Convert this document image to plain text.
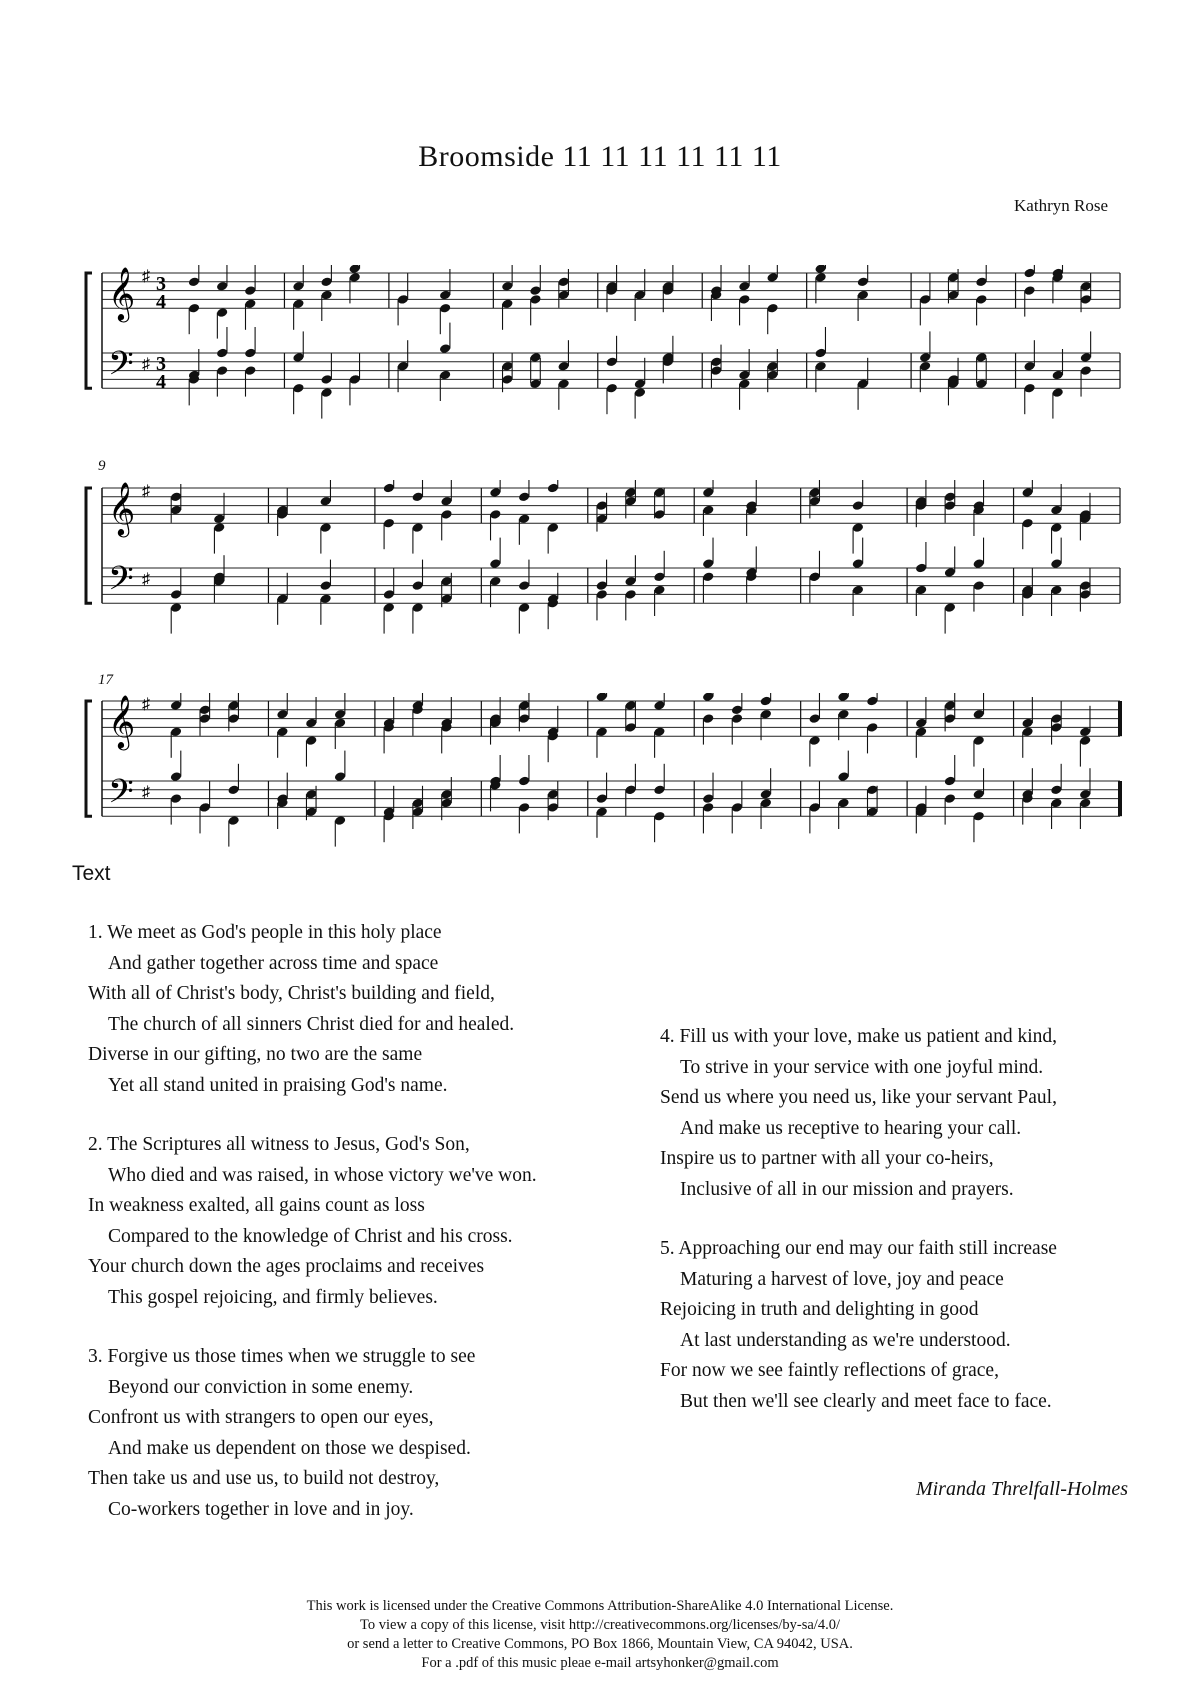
Broomside 11 11 11 11 11 11
Kathryn Rose
𝄞
𝄢
♯
♯
3
4
3
4
𝄞
𝄢
♯
♯
𝄞
𝄢
♯
♯
9
17
Text
1. We meet as God's people in this holy place
And gather together across time and space
With all of Christ's body, Christ's building and field,
The church of all sinners Christ died for and healed.
Diverse in our gifting, no two are the same
Yet all stand united in praising God's name.
2. The Scriptures all witness to Jesus, God's Son,
Who died and was raised, in whose victory we've won.
In weakness exalted, all gains count as loss
Compared to the knowledge of Christ and his cross.
Your church down the ages proclaims and receives
This gospel rejoicing, and firmly believes.
3. Forgive us those times when we struggle to see
Beyond our conviction in some enemy.
Confront us with strangers to open our eyes,
And make us dependent on those we despised.
Then take us and use us, to build not destroy,
Co-workers together in love and in joy.
4. Fill us with your love, make us patient and kind,
To strive in your service with one joyful mind.
Send us where you need us, like your servant Paul,
And make us receptive to hearing your call.
Inspire us to partner with all your co-heirs,
Inclusive of all in our mission and prayers.
5. Approaching our end may our faith still increase
Maturing a harvest of love, joy and peace
Rejoicing in truth and delighting in good
At last understanding as we're understood.
For now we see faintly reflections of grace,
But then we'll see clearly and meet face to face.
Miranda Threlfall-Holmes
This work is licensed under the Creative Commons Attribution-ShareAlike 4.0 International License.
To view a copy of this license, visit http://creativecommons.org/licenses/by-sa/4.0/
or send a letter to Creative Commons, PO Box 1866, Mountain View, CA 94042, USA.
For a .pdf of this music pleae e-mail artsyhonker@gmail.com
